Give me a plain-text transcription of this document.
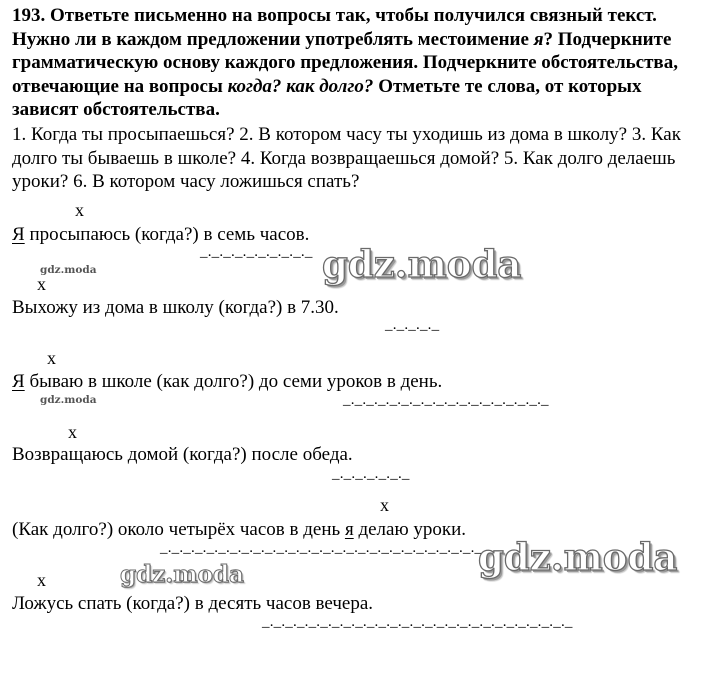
193. Ответьте письменно на вопросы так, чтобы получился связный текст. Нужно ли в каждом предложении употреблять местоимение я? Подчеркните грамматическую основу каждого предложения. Подчеркните обстоятельства, отвечающие на вопросы когда? как долго? Отметьте те слова, от которых зависят обстоятельства.
1. Когда ты просыпаешься? 2. В котором часу ты уходишь из дома в школу? 3. Как долго ты бываешь в школе? 4. Когда возвращаешься домой? 5. Как долго делаешь уроки? 6. В котором часу ложишься спать?
x
Я просыпаюсь (когда?) в семь часов.
_._._._._._._._._._
gdz.moda	gdz.moda
x
Выхожу из дома в школу (когда?) в 7.30.
_._._._._
x
Я бываю в школе (как долго?) до семи уроков в день.
gdz.moda	_._._._._._._._._._._._._._._._._._
x
Возвращаюсь домой (когда?) после обеда.
_._._._._._._
x
(Как долго?) около четырёх часов в день я делаю уроки.
_._._._._._._._._._._._._._._._._._._._._._._._._._._._
gdz.moda
x	gdz.moda
Ложусь спать (когда?) в десять часов вечера.
_._._._._._._._._._._._._._._._._._._._._._._._._._._
